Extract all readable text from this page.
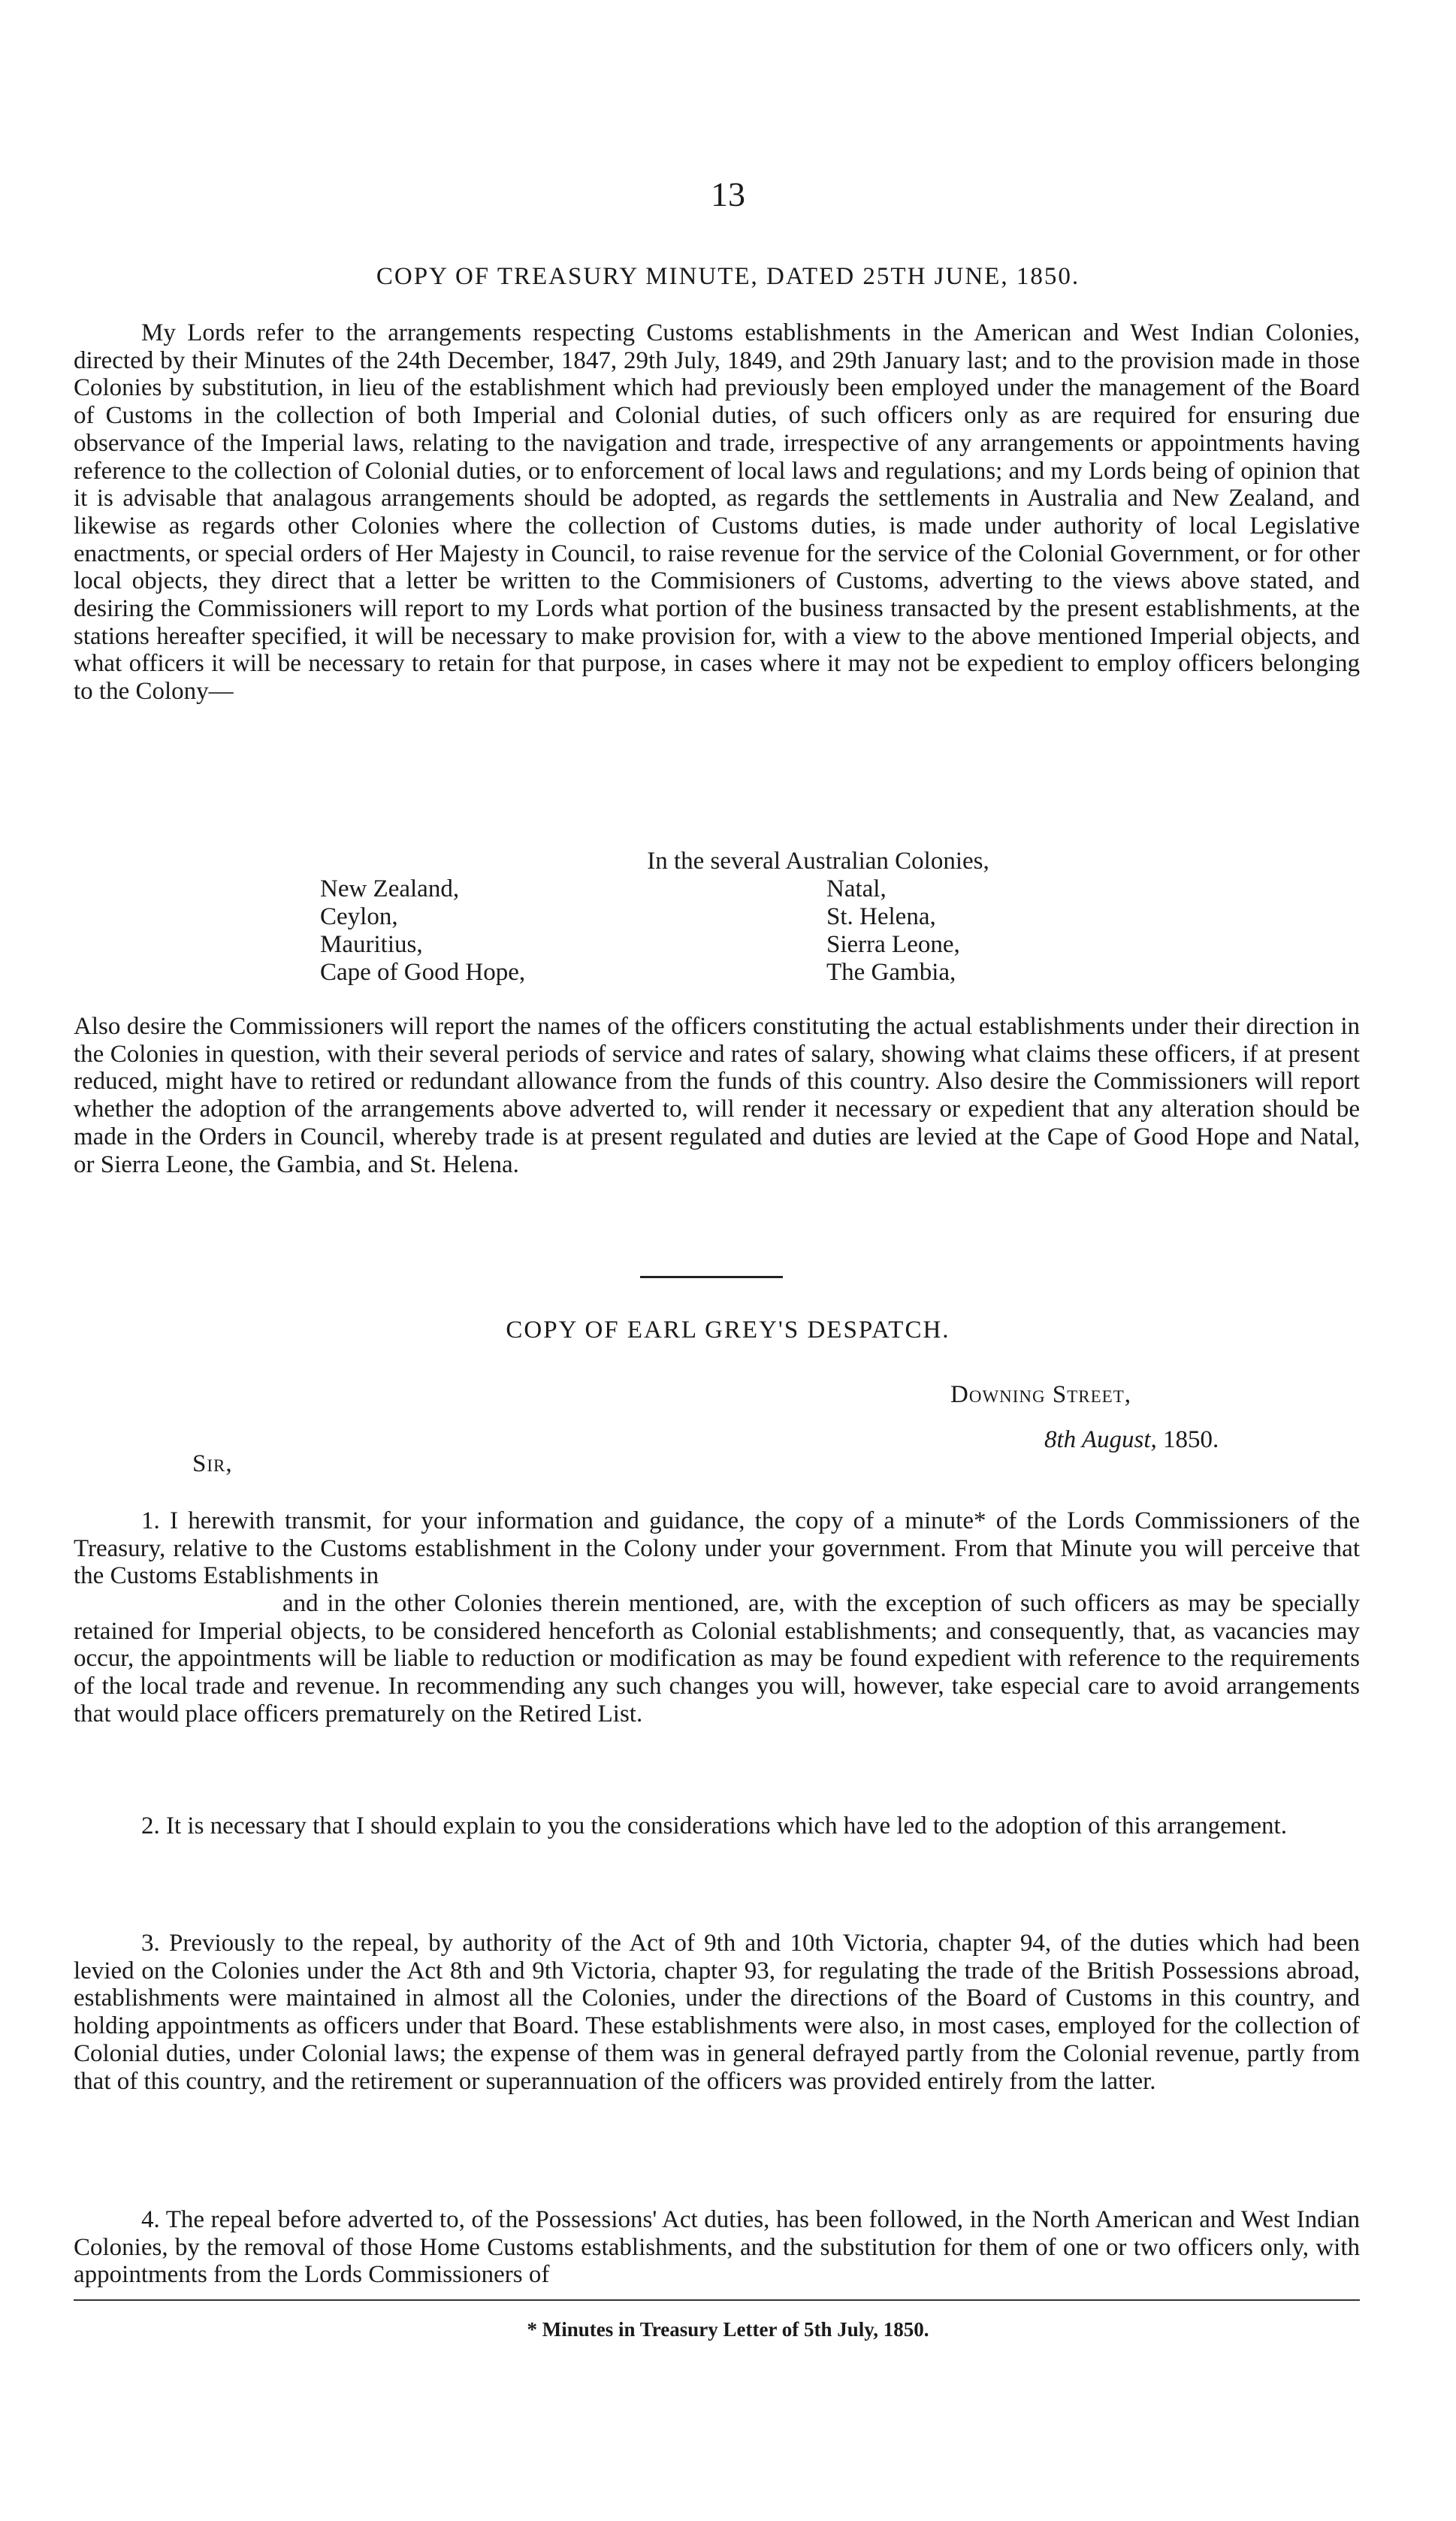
13
COPY OF TREASURY MINUTE, DATED 25TH JUNE, 1850.

My Lords refer to the arrangements respecting Customs establishments in the American and West Indian Colonies, directed by their Minutes of the 24th December, 1847, 29th July, 1849, and 29th January last; and to the provision made in those Colonies by substitution, in lieu of the establishment which had previously been employed under the management of the Board of Customs in the collection of both Imperial and Colonial duties, of such officers only as are required for ensuring due observance of the Imperial laws, relating to the navigation and trade, irrespective of any arrangements or appointments having reference to the collection of Colonial duties, or to enforcement of local laws and regulations; and my Lords being of opinion that it is advisable that analagous arrangements should be adopted, as regards the settlements in Australia and New Zealand, and likewise as regards other Colonies where the collection of Customs duties, is made under authority of local Legislative enactments, or special orders of Her Majesty in Council, to raise revenue for the service of the Colonial Government, or for other local objects, they direct that a letter be written to the Commisioners of Customs, adverting to the views above stated, and desiring the Commissioners will report to my Lords what portion of the business transacted by the present establishments, at the stations hereafter specified, it will be necessary to make provision for, with a view to the above mentioned Imperial objects, and what officers it will be necessary to retain for that purpose, in cases where it may not be expedient to employ officers belonging to the Colony—

In the several Australian Colonies,
New Zealand,
Ceylon,
Mauritius,
Cape of Good Hope,
Natal,
St. Helena,
Sierra Leone,
The Gambia,

Also desire the Commissioners will report the names of the officers constituting the actual establishments under their direction in the Colonies in question, with their several periods of service and rates of salary, showing what claims these officers, if at present reduced, might have to retired or redundant allowance from the funds of this country. Also desire the Commissioners will report whether the adoption of the arrangements above adverted to, will render it necessary or expedient that any alteration should be made in the Orders in Council, whereby trade is at present regulated and duties are levied at the Cape of Good Hope and Natal, or Sierra Leone, the Gambia, and St. Helena.

COPY OF EARL GREY'S DESPATCH.
Downing Street,
8th August, 1850.
Sir,

1. I herewith transmit, for your information and guidance, the copy of a minute* of the Lords Commissioners of the Treasury, relative to the Customs establishment in the Colony under your government. From that Minute you will perceive that the Customs Establishments in

and in the other Colonies therein mentioned, are, with the exception of such officers as may be specially retained for Imperial objects, to be considered henceforth as Colonial establishments; and consequently, that, as vacancies may occur, the appointments will be liable to reduction or modification as may be found expedient with reference to the requirements of the local trade and revenue. In recommending any such changes you will, however, take especial care to avoid arrangements that would place officers prematurely on the Retired List.

2. It is necessary that I should explain to you the considerations which have led to the adoption of this arrangement.

3. Previously to the repeal, by authority of the Act of 9th and 10th Victoria, chapter 94, of the duties which had been levied on the Colonies under the Act 8th and 9th Victoria, chapter 93, for regulating the trade of the British Possessions abroad, establishments were maintained in almost all the Colonies, under the directions of the Board of Customs in this country, and holding appointments as officers under that Board. These establishments were also, in most cases, employed for the collection of Colonial duties, under Colonial laws; the expense of them was in general defrayed partly from the Colonial revenue, partly from that of this country, and the retirement or superannuation of the officers was provided entirely from the latter.

4. The repeal before adverted to, of the Possessions' Act duties, has been followed, in the North American and West Indian Colonies, by the removal of those Home Customs establishments, and the substitution for them of one or two officers only, with appointments from the Lords Commissioners of

* Minutes in Treasury Letter of 5th July, 1850.
